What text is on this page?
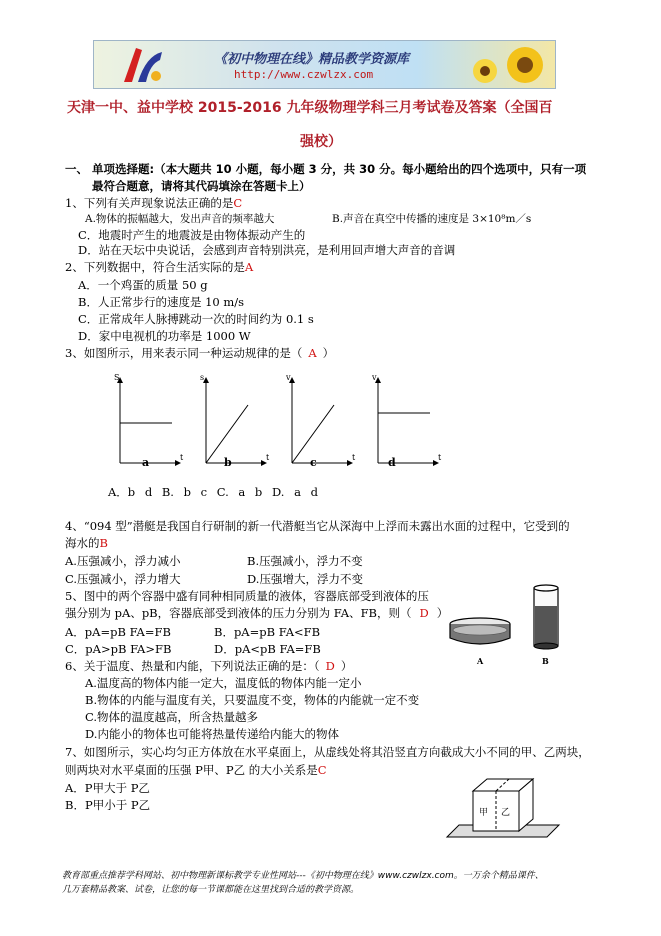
《初中物理在线》精品教学资源库
http://www.czwlzx.com
天津一中、益中学校 2015-2016 九年级物理学科三月考试卷及答案（全国百
强校）
一、 单项选择题:（本大题共 10 小题，每小题 3 分，共 30 分。每小题给出的四个选项中，只有一项
最符合题意，请将其代码填涂在答题卡上）
1、下列有关声现象说法正确的是C
A.物体的振幅越大，发出声音的频率越大	B.声音在真空中传播的速度是 3×10⁸m／s
C．地震时产生的地震波是由物体振动产生的
D．站在天坛中央说话，会感到声音特别洪亮，是利用回声增大声音的音调
2、下列数据中，符合生活实际的是A
A．一个鸡蛋的质量 50 g
B．人正常步行的速度是 10 m/s
C．正常成年人脉搏跳动一次的时间约为 0.1 s
D．家中电视机的功率是 1000 W
3、如图所示，用来表示同一种运动规律的是（ A ）
S
t
a
s
t
b
v
t
c
v
t
d
A．b d B. b c C. a b D. a d
4、“094 型”潜艇是我国自行研制的新一代潜艇当它从深海中上浮而未露出水面的过程中，它受到的
海水的B
A.压强减小，浮力减小	B.压强减小，浮力不变
C.压强减小，浮力增大	D.压强增大，浮力不变
5、图中的两个容器中盛有同种相同质量的液体，容器底部受到液体的压
强分别为 pA、pB，容器底部受到液体的压力分别为 FA、FB，则（ D ）
A．pA=pB FA=FB	B．pA=pB FA<FB
C．pA>pB FA>FB	D．pA<pB FA=FB
A	B
6、关于温度、热量和内能，下列说法正确的是：（ D ）
A.温度高的物体内能一定大，温度低的物体内能一定小
B.物体的内能与温度有关，只要温度不变，物体的内能就一定不变
C.物体的温度越高，所含热量越多
D.内能小的物体也可能将热量传递给内能大的物体
7、如图所示，实心均匀正方体放在水平桌面上，从虚线处将其沿竖直方向截成大小不同的甲、乙两块，
则两块对水平桌面的压强 P甲、P乙 的大小关系是C
A．P甲大于 P乙
B．P甲小于 P乙
甲 乙
教育部重点推荐学科网站、初中物理新课标教学专业性网站---《初中物理在线》www.czwlzx.com。一万余个精品课件、
几万套精品教案、试卷，让您的每一节课都能在这里找到合适的教学资源。
